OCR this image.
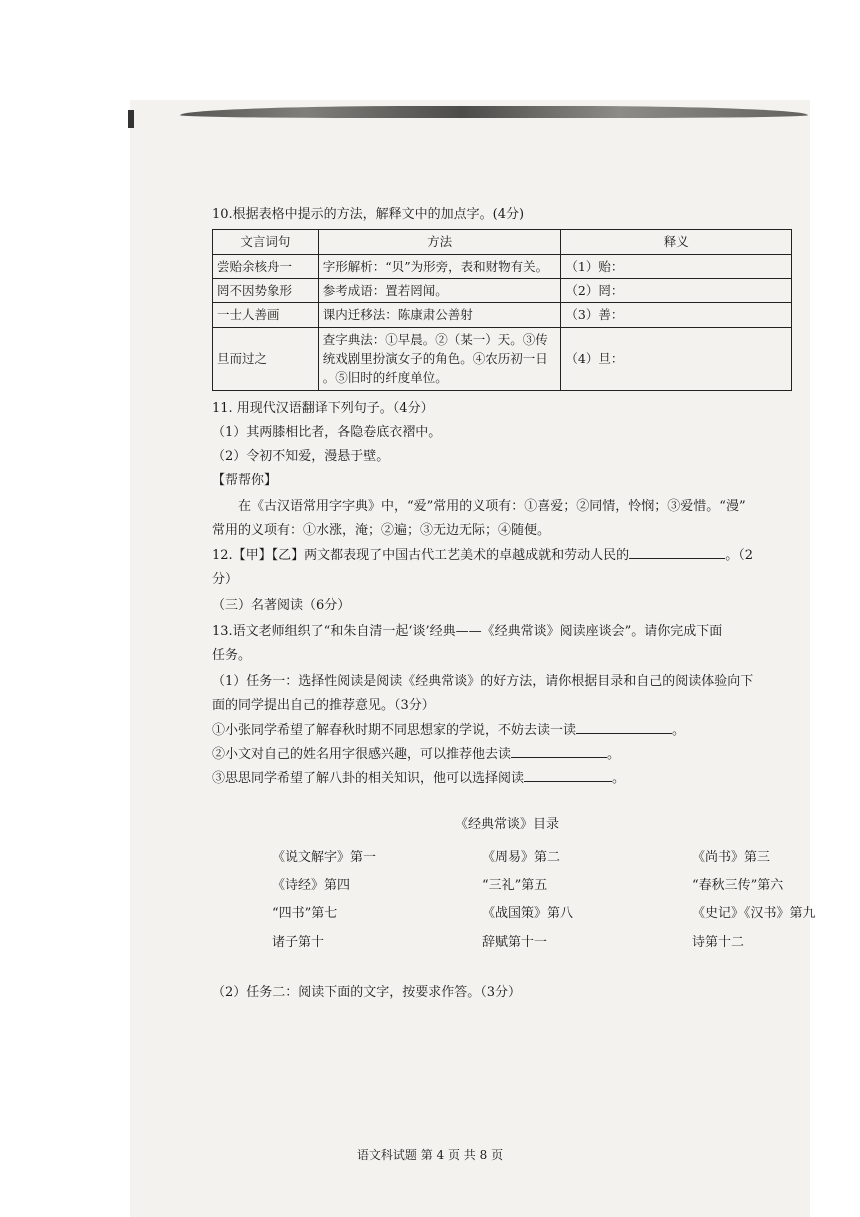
10.根据表格中提示的方法，解释文中的加点字。(4分)

文言词句	方法	释义
尝贻余核舟一	字形解析：“贝”为形旁，表和财物有关。	（1）贻：
罔不因势象形	参考成语：置若罔闻。	（2）罔：
一士人善画	课内迁移法：陈康肃公善射	（3）善：
旦而过之	查字典法：①早晨。②（某一）天。③传统戏剧里扮演女子的角色。④农历初一日 。⑤旧时的纤度单位。	（4）旦：

11. 用现代汉语翻译下列句子。（4分）

（1）其两膝相比者，各隐卷底衣褶中。

（2）令初不知爱，漫悬于壁。

【帮帮你】

在《古汉语常用字字典》中，“爱”常用的义项有：①喜爱；②同情，怜悯；③爱惜。“漫”

常用的义项有：①水涨，淹；②遍；③无边无际；④随便。

12.【甲】【乙】两文都表现了中国古代工艺美术的卓越成就和劳动人民的	。（2

分）

（三）名著阅读（6分）

13.语文老师组织了“和朱自清一起‘谈’经典——《经典常谈》阅读座谈会”。请你完成下面

任务。

（1）任务一：选择性阅读是阅读《经典常谈》的好方法，请你根据目录和自己的阅读体验向下

面的同学提出自己的推荐意见。（3分）

①小张同学希望了解春秋时期不同思想家的学说，不妨去读一读	。

②小文对自己的姓名用字很感兴趣，可以推荐他去读	。

③思思同学希望了解八卦的相关知识，他可以选择阅读	。

《经典常谈》目录

《说文解字》第一	《周易》第二	《尚书》第三
《诗经》第四	“三礼”第五	“春秋三传”第六
“四书”第七	《战国策》第八	《史记》《汉书》第九
诸子第十	辞赋第十一	诗第十二

（2）任务二：阅读下面的文字，按要求作答。（3分）

语文科试题 第 4 页 共 8 页
